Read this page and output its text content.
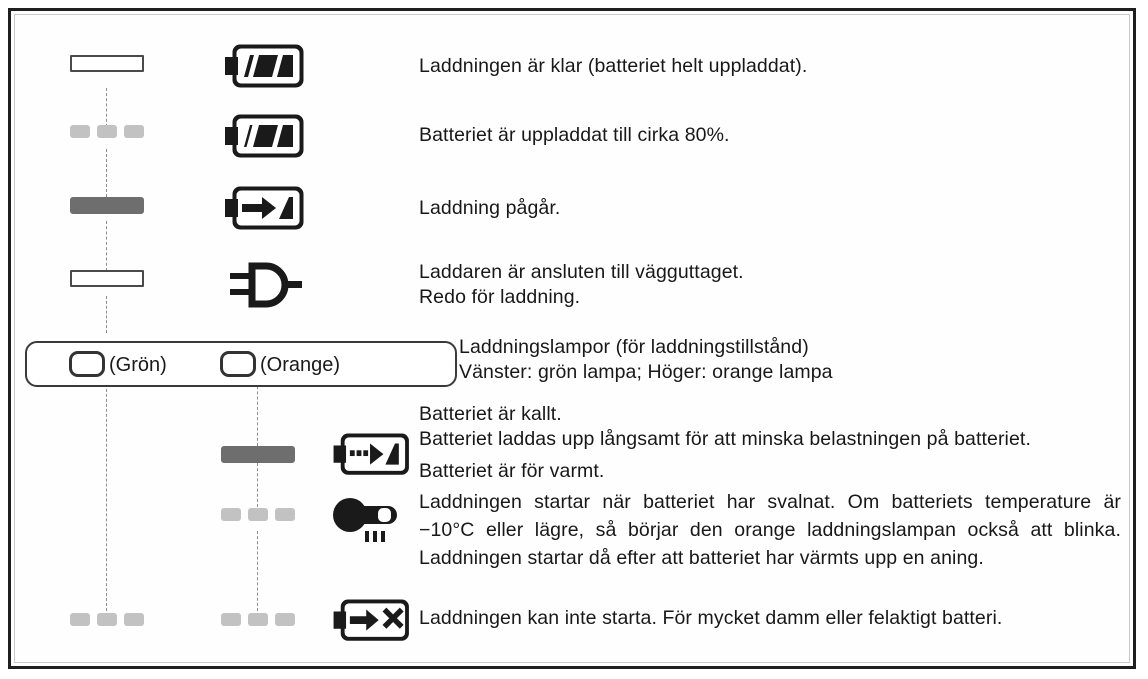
(Grön)	(Orange)
Laddningen är klar (batteriet helt uppladdat).
Batteriet är uppladdat till cirka 80%.
Laddning pågår.
Laddaren är ansluten till vägguttaget.
Redo för laddning.
Laddningslampor (för laddningstillstånd)
Vänster: grön lampa; Höger: orange lampa
Batteriet är kallt.
Batteriet laddas upp långsamt för att minska belastningen på batteriet.
Batteriet är för varmt.
Laddningen startar när batteriet har svalnat. Om batteriets temperature är −10°C eller lägre, så börjar den orange laddningslampan också att blinka. Laddningen startar då efter att batteriet har värmts upp en aning.
Laddningen kan inte starta. För mycket damm eller felaktigt batteri.
